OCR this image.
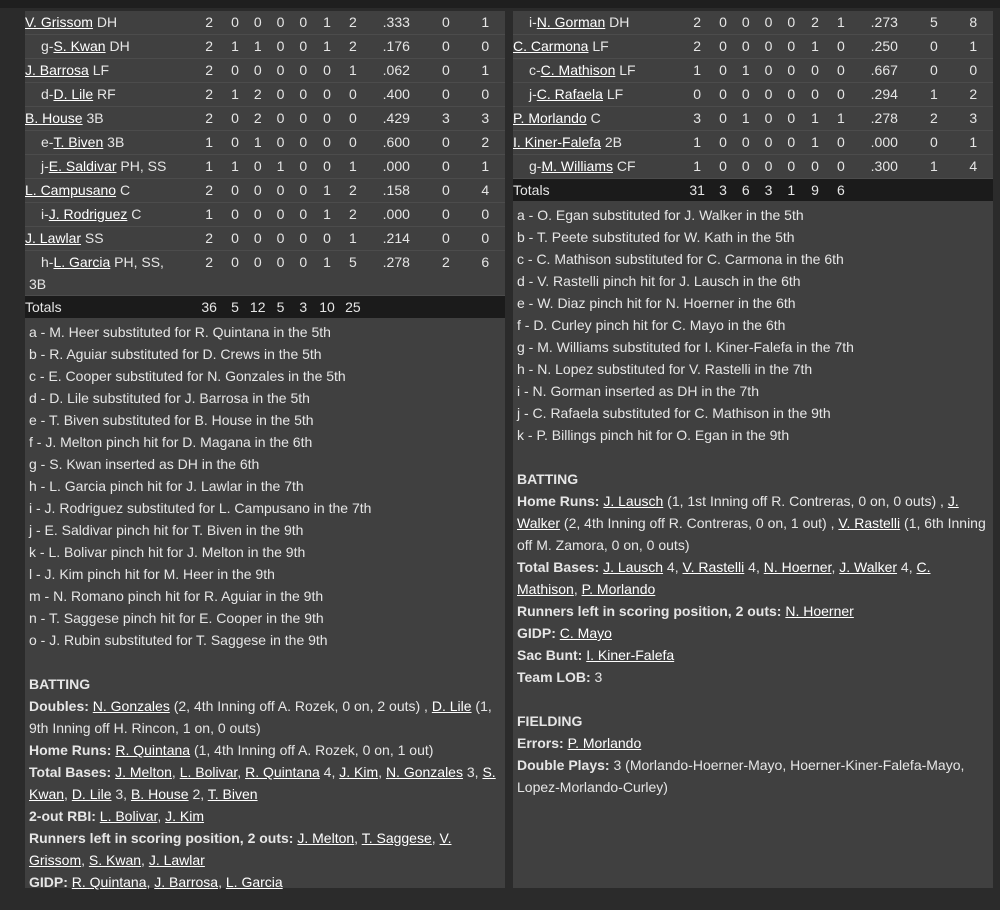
V. Grissom DH	2	0	0	0	0	1	2	.333	0	1
g-S. Kwan DH	2	1	1	0	0	1	2	.176	0	0
J. Barrosa LF	2	0	0	0	0	0	1	.062	0	1
d-D. Lile RF	2	1	2	0	0	0	0	.400	0	0
B. House 3B	2	0	2	0	0	0	0	.429	3	3
e-T. Biven 3B	1	0	1	0	0	0	0	.600	0	2
j-E. Saldivar PH, SS	1	1	0	1	0	0	1	.000	0	1
L. Campusano C	2	0	0	0	0	1	2	.158	0	4
i-J. Rodriguez C	1	0	0	0	0	1	2	.000	0	0
J. Lawlar SS	2	0	0	0	0	0	1	.214	0	0
h-L. Garcia PH, SS,
3B	2	0	0	0	0	1	5	.278	2	6
Totals	36	5	12	5	3	10	25			
a - M. Heer substituted for R. Quintana in the 5th
b - R. Aguiar substituted for D. Crews in the 5th
c - E. Cooper substituted for N. Gonzales in the 5th
d - D. Lile substituted for J. Barrosa in the 5th
e - T. Biven substituted for B. House in the 5th
f - J. Melton pinch hit for D. Magana in the 6th
g - S. Kwan inserted as DH in the 6th
h - L. Garcia pinch hit for J. Lawlar in the 7th
i - J. Rodriguez substituted for L. Campusano in the 7th
j - E. Saldivar pinch hit for T. Biven in the 9th
k - L. Bolivar pinch hit for J. Melton in the 9th
l - J. Kim pinch hit for M. Heer in the 9th
m - N. Romano pinch hit for R. Aguiar in the 9th
n - T. Saggese pinch hit for E. Cooper in the 9th
o - J. Rubin substituted for T. Saggese in the 9th
BATTING
Doubles: N. Gonzales (2, 4th Inning off A. Rozek, 0 on, 2 outs) , D. Lile (1, 9th Inning off H. Rincon, 1 on, 0 outs)
Home Runs: R. Quintana (1, 4th Inning off A. Rozek, 0 on, 1 out)
Total Bases: J. Melton, L. Bolivar, R. Quintana 4, J. Kim, N. Gonzales 3, S. Kwan, D. Lile 3, B. House 2, T. Biven
2-out RBI: L. Bolivar, J. Kim
Runners left in scoring position, 2 outs: J. Melton, T. Saggese, V. Grissom, S. Kwan, J. Lawlar
GIDP: R. Quintana, J. Barrosa, L. Garcia
i-N. Gorman DH	2	0	0	0	0	2	1	.273	5	8
C. Carmona LF	2	0	0	0	0	1	0	.250	0	1
c-C. Mathison LF	1	0	1	0	0	0	0	.667	0	0
j-C. Rafaela LF	0	0	0	0	0	0	0	.294	1	2
P. Morlando C	3	0	1	0	0	1	1	.278	2	3
I. Kiner-Falefa 2B	1	0	0	0	0	1	0	.000	0	1
g-M. Williams CF	1	0	0	0	0	0	0	.300	1	4
Totals	31	3	6	3	1	9	6			
a - O. Egan substituted for J. Walker in the 5th
b - T. Peete substituted for W. Kath in the 5th
c - C. Mathison substituted for C. Carmona in the 6th
d - V. Rastelli pinch hit for J. Lausch in the 6th
e - W. Diaz pinch hit for N. Hoerner in the 6th
f - D. Curley pinch hit for C. Mayo in the 6th
g - M. Williams substituted for I. Kiner-Falefa in the 7th
h - N. Lopez substituted for V. Rastelli in the 7th
i - N. Gorman inserted as DH in the 7th
j - C. Rafaela substituted for C. Mathison in the 9th
k - P. Billings pinch hit for O. Egan in the 9th
BATTING
Home Runs: J. Lausch (1, 1st Inning off R. Contreras, 0 on, 0 outs) , J. Walker (2, 4th Inning off R. Contreras, 0 on, 1 out) , V. Rastelli (1, 6th Inning off M. Zamora, 0 on, 0 outs)
Total Bases: J. Lausch 4, V. Rastelli 4, N. Hoerner, J. Walker 4, C. Mathison, P. Morlando
Runners left in scoring position, 2 outs: N. Hoerner
GIDP: C. Mayo
Sac Bunt: I. Kiner-Falefa
Team LOB: 3
FIELDING
Errors: P. Morlando
Double Plays: 3 (Morlando-Hoerner-Mayo, Hoerner-Kiner-Falefa-Mayo, Lopez-Morlando-Curley)
